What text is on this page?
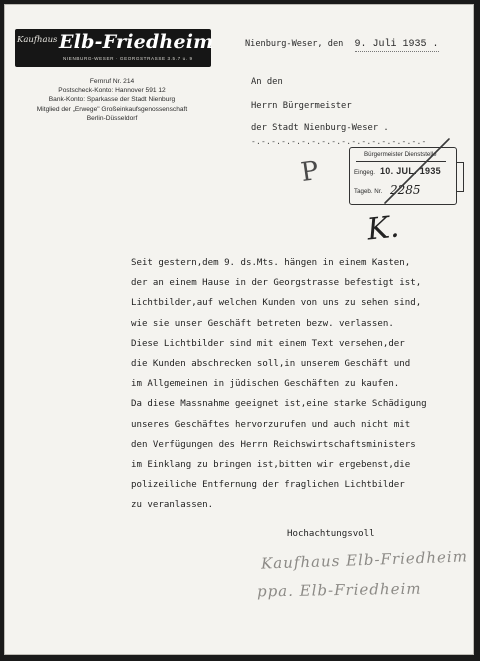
Kaufhaus Elb-Friedheim
NIENBURG-WESER · GEORGSTRASSE 3.5.7 u. 9
Fernruf Nr. 214
Postscheck-Konto: Hannover 591 12
Bank-Konto: Sparkasse der Stadt Nienburg
Mitglied der „Erwege" Großeinkaufsgenossenschaft
Berlin-Düsseldorf
Nienburg-Weser, den 9. Juli 1935 .
An den
Herrn Bürgermeister
der Stadt Nienburg-Weser .
-.-.-.-.-.-.-.-.-.-.-.-.-.-.-.-.-.-
Bürgermeister Dienststelle
Eingeg. 10. JUL. 1935
Tageb. Nr. 2285
P
K.
Seit gestern,dem 9. ds.Mts. hängen in einem Kasten,
der an einem Hause in der Georgstrasse befestigt ist,
Lichtbilder,auf welchen Kunden von uns zu sehen sind,
wie sie unser Geschäft betreten bezw. verlassen.
Diese Lichtbilder sind mit einem Text versehen,der
die Kunden abschrecken soll,in unserem Geschäft und
im Allgemeinen in jüdischen Geschäften zu kaufen.
Da diese Massnahme geeignet ist,eine starke Schädigung
unseres Geschäftes hervorzurufen und auch nicht mit
den Verfügungen des Herrn Reichswirtschaftsministers
im Einklang zu bringen ist,bitten wir ergebenst,die
polizeiliche Entfernung der fraglichen Lichtbilder
zu veranlassen.
Hochachtungsvoll
Kaufhaus Elb-Friedheim
ppa. Elb-Friedheim
